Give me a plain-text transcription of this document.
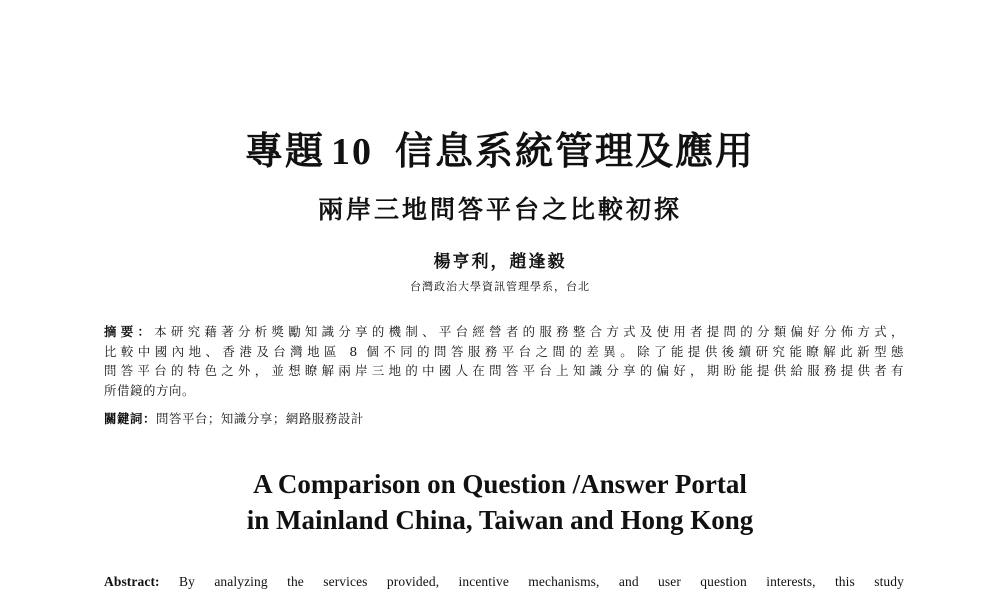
專題 10 信息系統管理及應用
兩岸三地問答平台之比較初探
楊亨利，趙逢毅
台灣政治大學資訊管理學系，台北
摘要：本研究藉著分析獎勵知識分享的機制、平台經營者的服務整合方式及使用者提問的分類偏好分佈方式，
比較中國內地、香港及台灣地區 8 個不同的問答服務平台之間的差異。除了能提供後續研究能瞭解此新型態
問答平台的特色之外，並想瞭解兩岸三地的中國人在問答平台上知識分享的偏好，期盼能提供給服務提供者有
所借鏡的方向。
關鍵詞：問答平台；知識分享；網路服務設計
A Comparison on Question /Answer Portal
in Mainland China, Taiwan and Hong Kong
Abstract: By analyzing the services provided, incentive mechanisms, and user question interests, this study
